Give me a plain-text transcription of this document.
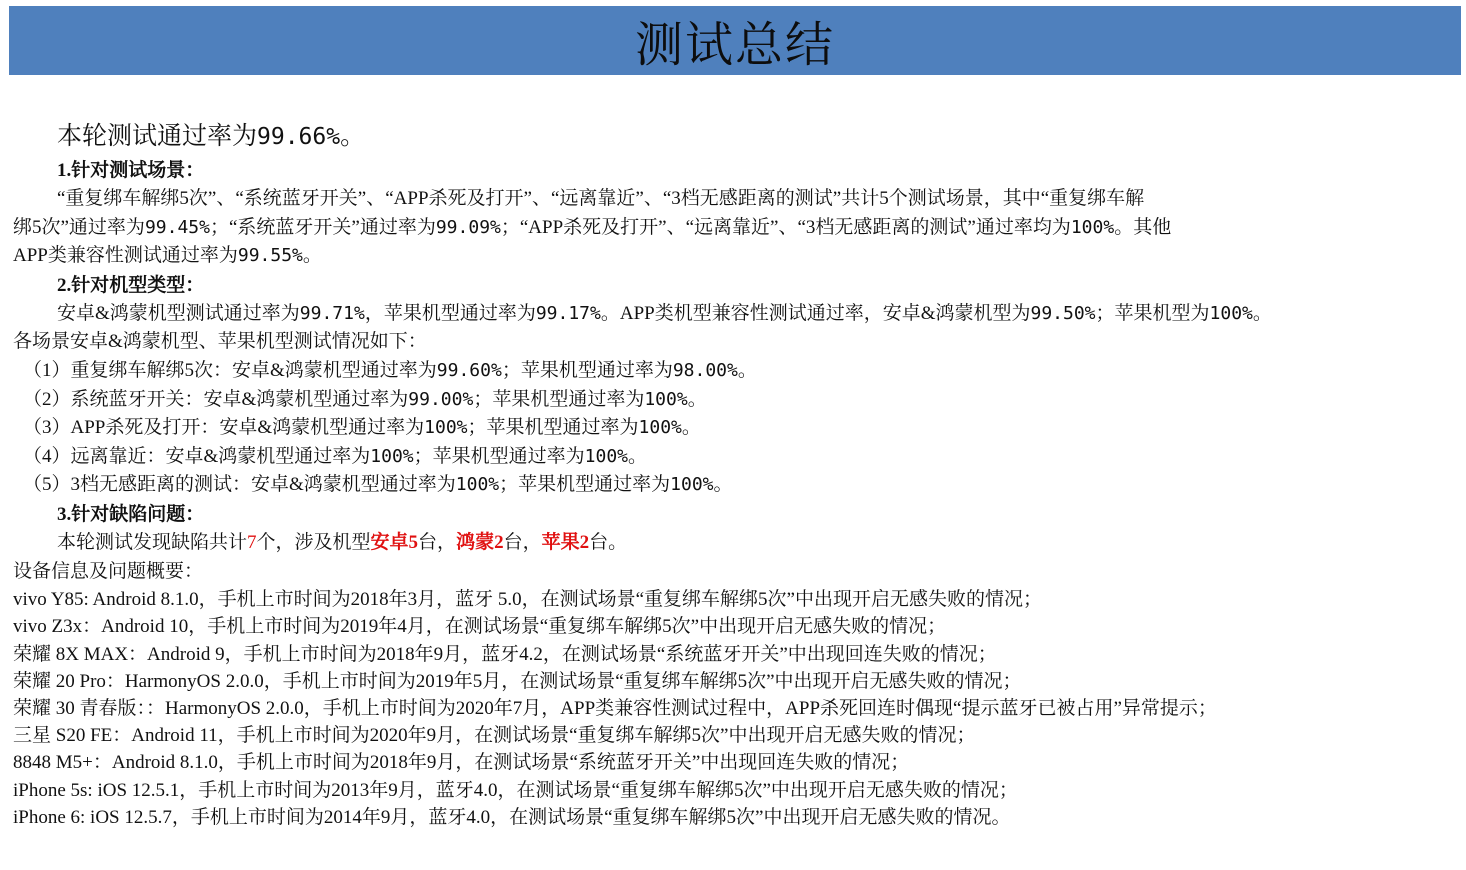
测试总结

本轮测试通过率为99.66%。

1.针对测试场景：

“重复绑车解绑5次”、“系统蓝牙开关”、“APP杀死及打开”、“远离靠近”、“3档无感距离的测试”共计5个测试场景，其中“重复绑车解

绑5次”通过率为99.45%；“系统蓝牙开关”通过率为99.09%；“APP杀死及打开”、“远离靠近”、“3档无感距离的测试”通过率均为100%。其他

APP类兼容性测试通过率为99.55%。

2.针对机型类型：

安卓&鸿蒙机型测试通过率为99.71%，苹果机型通过率为99.17%。APP类机型兼容性测试通过率，安卓&鸿蒙机型为99.50%；苹果机型为100%。

各场景安卓&鸿蒙机型、苹果机型测试情况如下：

（1）重复绑车解绑5次：安卓&鸿蒙机型通过率为99.60%；苹果机型通过率为98.00%。

（2）系统蓝牙开关：安卓&鸿蒙机型通过率为99.00%；苹果机型通过率为100%。

（3）APP杀死及打开：安卓&鸿蒙机型通过率为100%；苹果机型通过率为100%。

（4）远离靠近：安卓&鸿蒙机型通过率为100%；苹果机型通过率为100%。

（5）3档无感距离的测试：安卓&鸿蒙机型通过率为100%；苹果机型通过率为100%。

3.针对缺陷问题：

本轮测试发现缺陷共计7个，涉及机型安卓5台，鸿蒙2台，苹果2台。

设备信息及问题概要：

vivo Y85: Android 8.1.0，手机上市时间为2018年3月，蓝牙 5.0，在测试场景“重复绑车解绑5次”中出现开启无感失败的情况；

vivo Z3x：Android 10，手机上市时间为2019年4月，在测试场景“重复绑车解绑5次”中出现开启无感失败的情况；

荣耀 8X MAX：Android 9，手机上市时间为2018年9月，蓝牙4.2，在测试场景“系统蓝牙开关”中出现回连失败的情况；

荣耀 20 Pro：HarmonyOS 2.0.0，手机上市时间为2019年5月，在测试场景“重复绑车解绑5次”中出现开启无感失败的情况；

荣耀 30 青春版：：HarmonyOS 2.0.0，手机上市时间为2020年7月，APP类兼容性测试过程中，APP杀死回连时偶现“提示蓝牙已被占用”异常提示；

三星 S20 FE：Android 11，手机上市时间为2020年9月，在测试场景“重复绑车解绑5次”中出现开启无感失败的情况；

8848 M5+：Android 8.1.0，手机上市时间为2018年9月，在测试场景“系统蓝牙开关”中出现回连失败的情况；

iPhone 5s: iOS 12.5.1，手机上市时间为2013年9月，蓝牙4.0，在测试场景“重复绑车解绑5次”中出现开启无感失败的情况；

iPhone 6: iOS 12.5.7，手机上市时间为2014年9月，蓝牙4.0，在测试场景“重复绑车解绑5次”中出现开启无感失败的情况。
